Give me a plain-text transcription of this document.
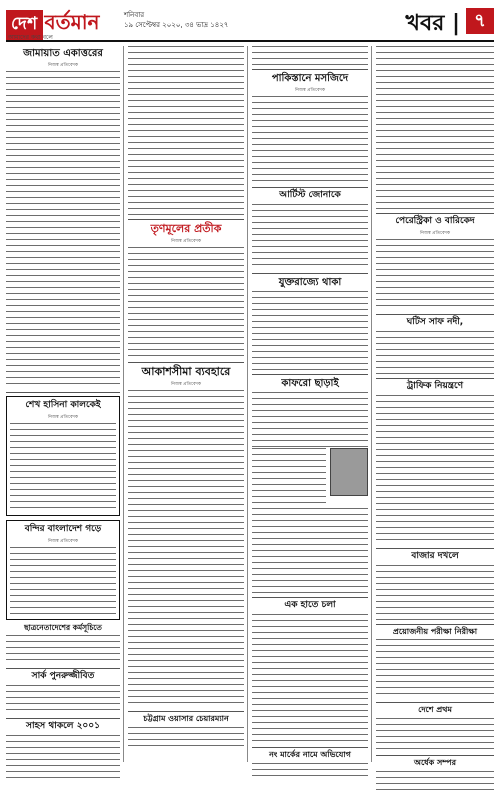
দেশ বর্তমান
আমাদের কথা বলে
শনিবার
১৯ সেপ্টেম্বর ২০২০, ৩৪ ভাদ্র ১৪২৭	খবর | ৭
জামায়াত একাত্তরের
নিজস্ব প্রতিবেদক
শেখ হাসিনা কালকেই
নিজস্ব প্রতিবেদক
বন্দির বাংলাদেশ গড়ে
নিজস্ব প্রতিবেদক
ছাত্রনেতাদেশের কর্মসূচিতে
সার্ক পুনরুজ্জীবিত
সাহস থাকলে ২০০১
তৃণমূলের প্রতীক
নিজস্ব প্রতিবেদক
আকাশসীমা ব্যবহারে
নিজস্ব প্রতিবেদক
চট্টগ্রাম ওয়াসার চেয়ারম্যান
পাকিস্তানে মসজিদে
নিজস্ব প্রতিবেদক
আর্টিস্ট জোনাকে
যুক্তরাজ্যে থাকা
কাফরো ছাড়াই
এক হাতে চলা
নং মার্কের নামে অভিযোগ
পেরেস্ট্রিকা ও বারিকেদ
নিজস্ব প্রতিবেদক
ঘটিস সাফ নদী,
ট্রাফিক নিয়ন্ত্রণে
বাজার দখলে
প্রয়োজনীয় পরীক্ষা নিরীক্ষা
দেশে প্রথম
অর্ধেক সম্পর
